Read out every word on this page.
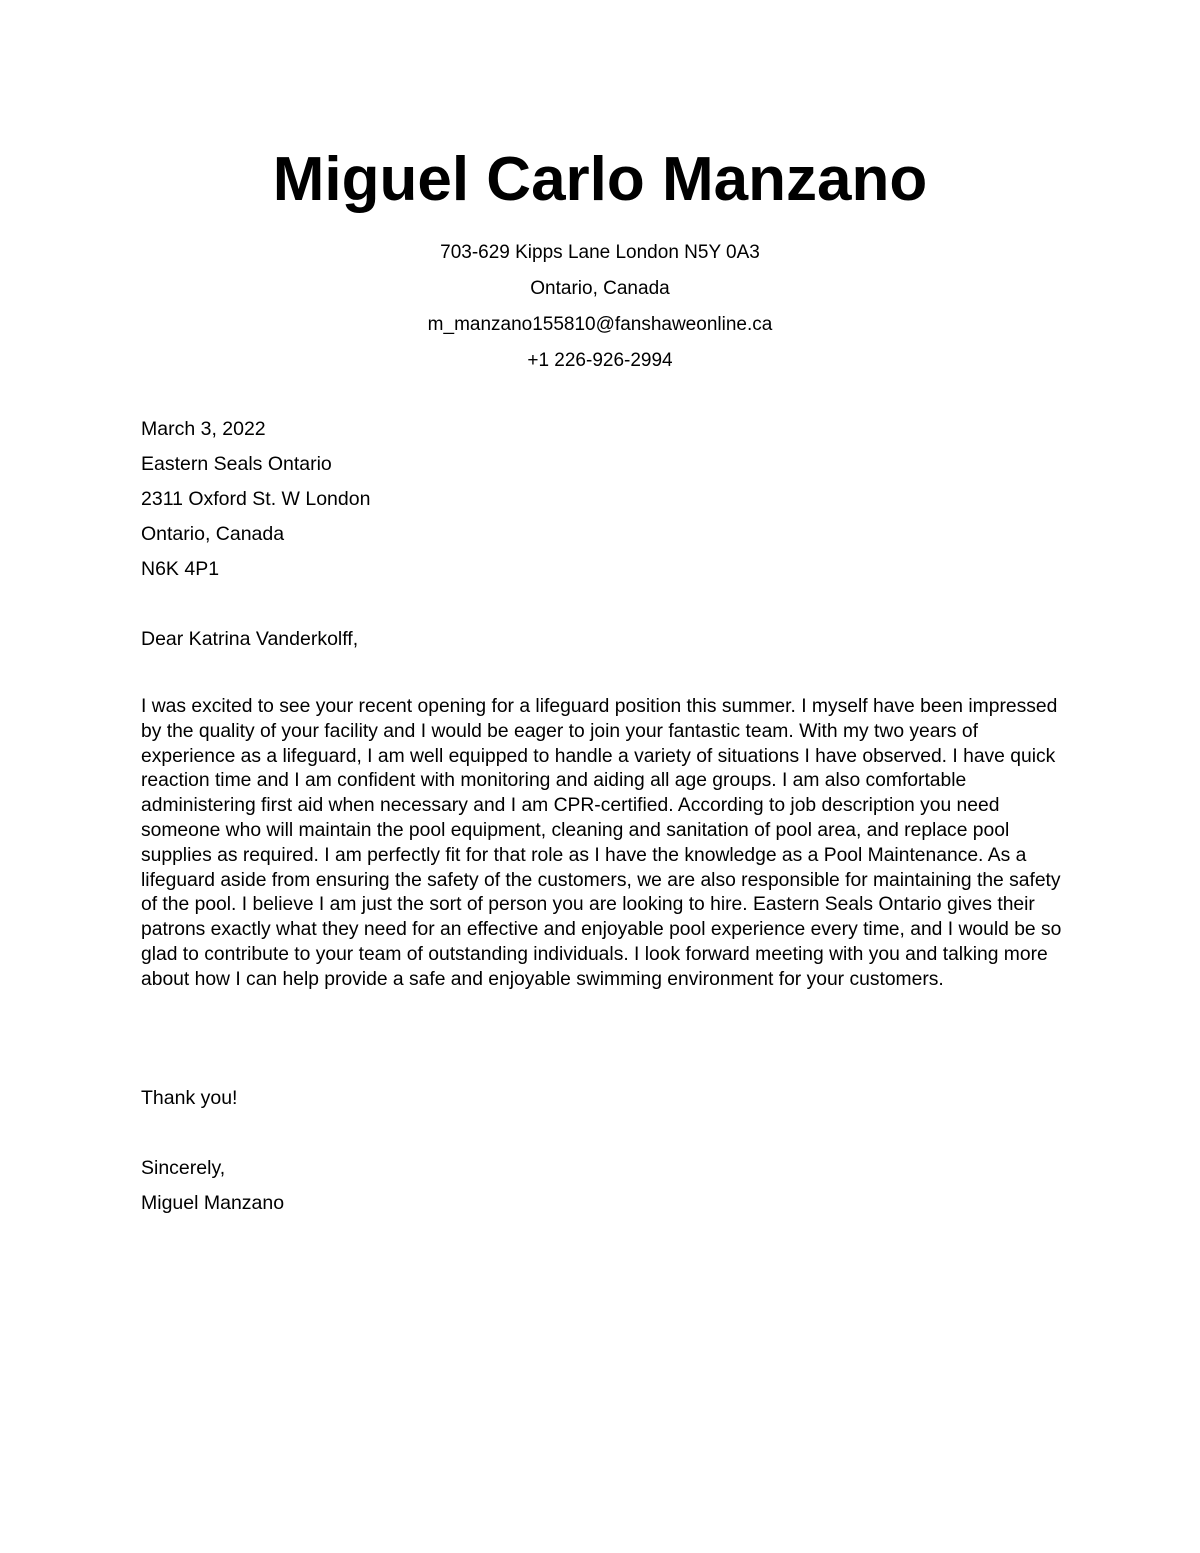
Miguel Carlo Manzano
703-629 Kipps Lane London N5Y 0A3
Ontario, Canada
m_manzano155810@fanshaweonline.ca
+1 226-926-2994
March 3, 2022
Eastern Seals Ontario
2311 Oxford St. W London
Ontario, Canada
N6K 4P1
Dear Katrina Vanderkolff,

I was excited to see your recent opening for a lifeguard position this summer. I myself have been impressed by the quality of your facility and I would be eager to join your fantastic team. With my two years of experience as a lifeguard, I am well equipped to handle a variety of situations I have observed. I have quick reaction time and I am confident with monitoring and aiding all age groups. I am also comfortable administering first aid when necessary and I am CPR-certified. According to job description you need someone who will maintain the pool equipment, cleaning and sanitation of pool area, and replace pool supplies as required. I am perfectly fit for that role as I have the knowledge as a Pool Maintenance. As a lifeguard aside from ensuring the safety of the customers, we are also responsible for maintaining the safety of the pool. I believe I am just the sort of person you are looking to hire. Eastern Seals Ontario gives their patrons exactly what they need for an effective and enjoyable pool experience every time, and I would be so glad to contribute to your team of outstanding individuals. I look forward meeting with you and talking more about how I can help provide a safe and enjoyable swimming environment for your customers.

Thank you!
Sincerely,
Miguel Manzano
